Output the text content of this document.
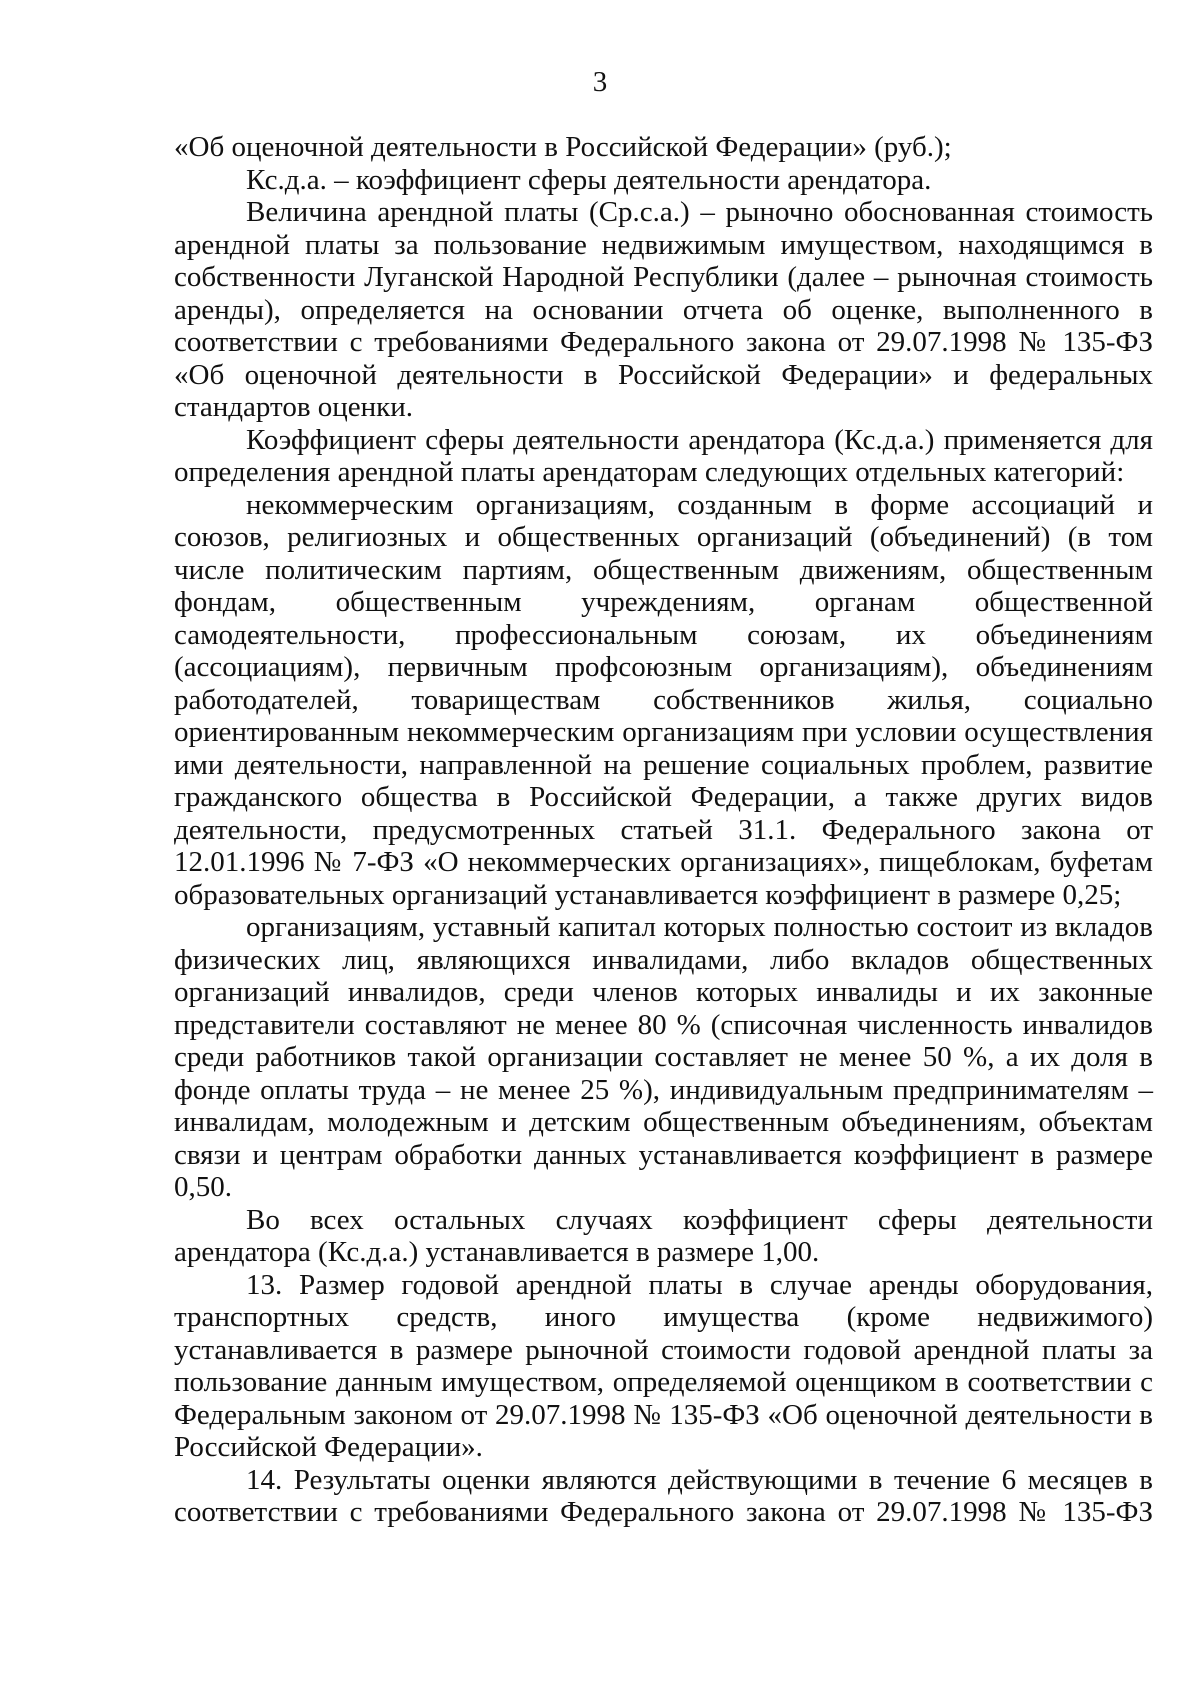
3

«Об оценочной деятельности в Российской Федерации» (руб.);

Кс.д.а. – коэффициент сферы деятельности арендатора.

Величина арендной платы (Ср.с.а.) – рыночно обоснованная стоимость арендной платы за пользование недвижимым имуществом, находящимся в собственности Луганской Народной Республики (далее – рыночная стоимость аренды), определяется на основании отчета об оценке, выполненного в соответствии с требованиями Федерального закона от 29.07.1998 № 135-ФЗ «Об оценочной деятельности в Российской Федерации» и федеральных стандартов оценки.

Коэффициент сферы деятельности арендатора (Кс.д.а.) применяется для определения арендной платы арендаторам следующих отдельных категорий:

некоммерческим организациям, созданным в форме ассоциаций и союзов, религиозных и общественных организаций (объединений) (в том числе политическим партиям, общественным движениям, общественным фондам, общественным учреждениям, органам общественной самодеятельности, профессиональным союзам, их объединениям (ассоциациям), первичным профсоюзным организациям), объединениям работодателей, товариществам собственников жилья, социально ориентированным некоммерческим организациям при условии осуществления ими деятельности, направленной на решение социальных проблем, развитие гражданского общества в Российской Федерации, а также других видов деятельности, предусмотренных статьей 31.1. Федерального закона от 12.01.1996 № 7-ФЗ «О некоммерческих организациях», пищеблокам, буфетам образовательных организаций устанавливается коэффициент в размере 0,25;

организациям, уставный капитал которых полностью состоит из вкладов физических лиц, являющихся инвалидами, либо вкладов общественных организаций инвалидов, среди членов которых инвалиды и их законные представители составляют не менее 80 % (списочная численность инвалидов среди работников такой организации составляет не менее 50 %, а их доля в фонде оплаты труда – не менее 25 %), индивидуальным предпринимателям – инвалидам, молодежным и детским общественным объединениям, объектам связи и центрам обработки данных устанавливается коэффициент в размере 0,50.

Во всех остальных случаях коэффициент сферы деятельности арендатора (Кс.д.а.) устанавливается в размере 1,00.

13. Размер годовой арендной платы в случае аренды оборудования, транспортных средств, иного имущества (кроме недвижимого) устанавливается в размере рыночной стоимости годовой арендной платы за пользование данным имуществом, определяемой оценщиком в соответствии с Федеральным законом от 29.07.1998 № 135-ФЗ «Об оценочной деятельности в Российской Федерации».

14. Результаты оценки являются действующими в течение 6 месяцев в соответствии с требованиями Федерального закона от 29.07.1998 № 135-ФЗ
